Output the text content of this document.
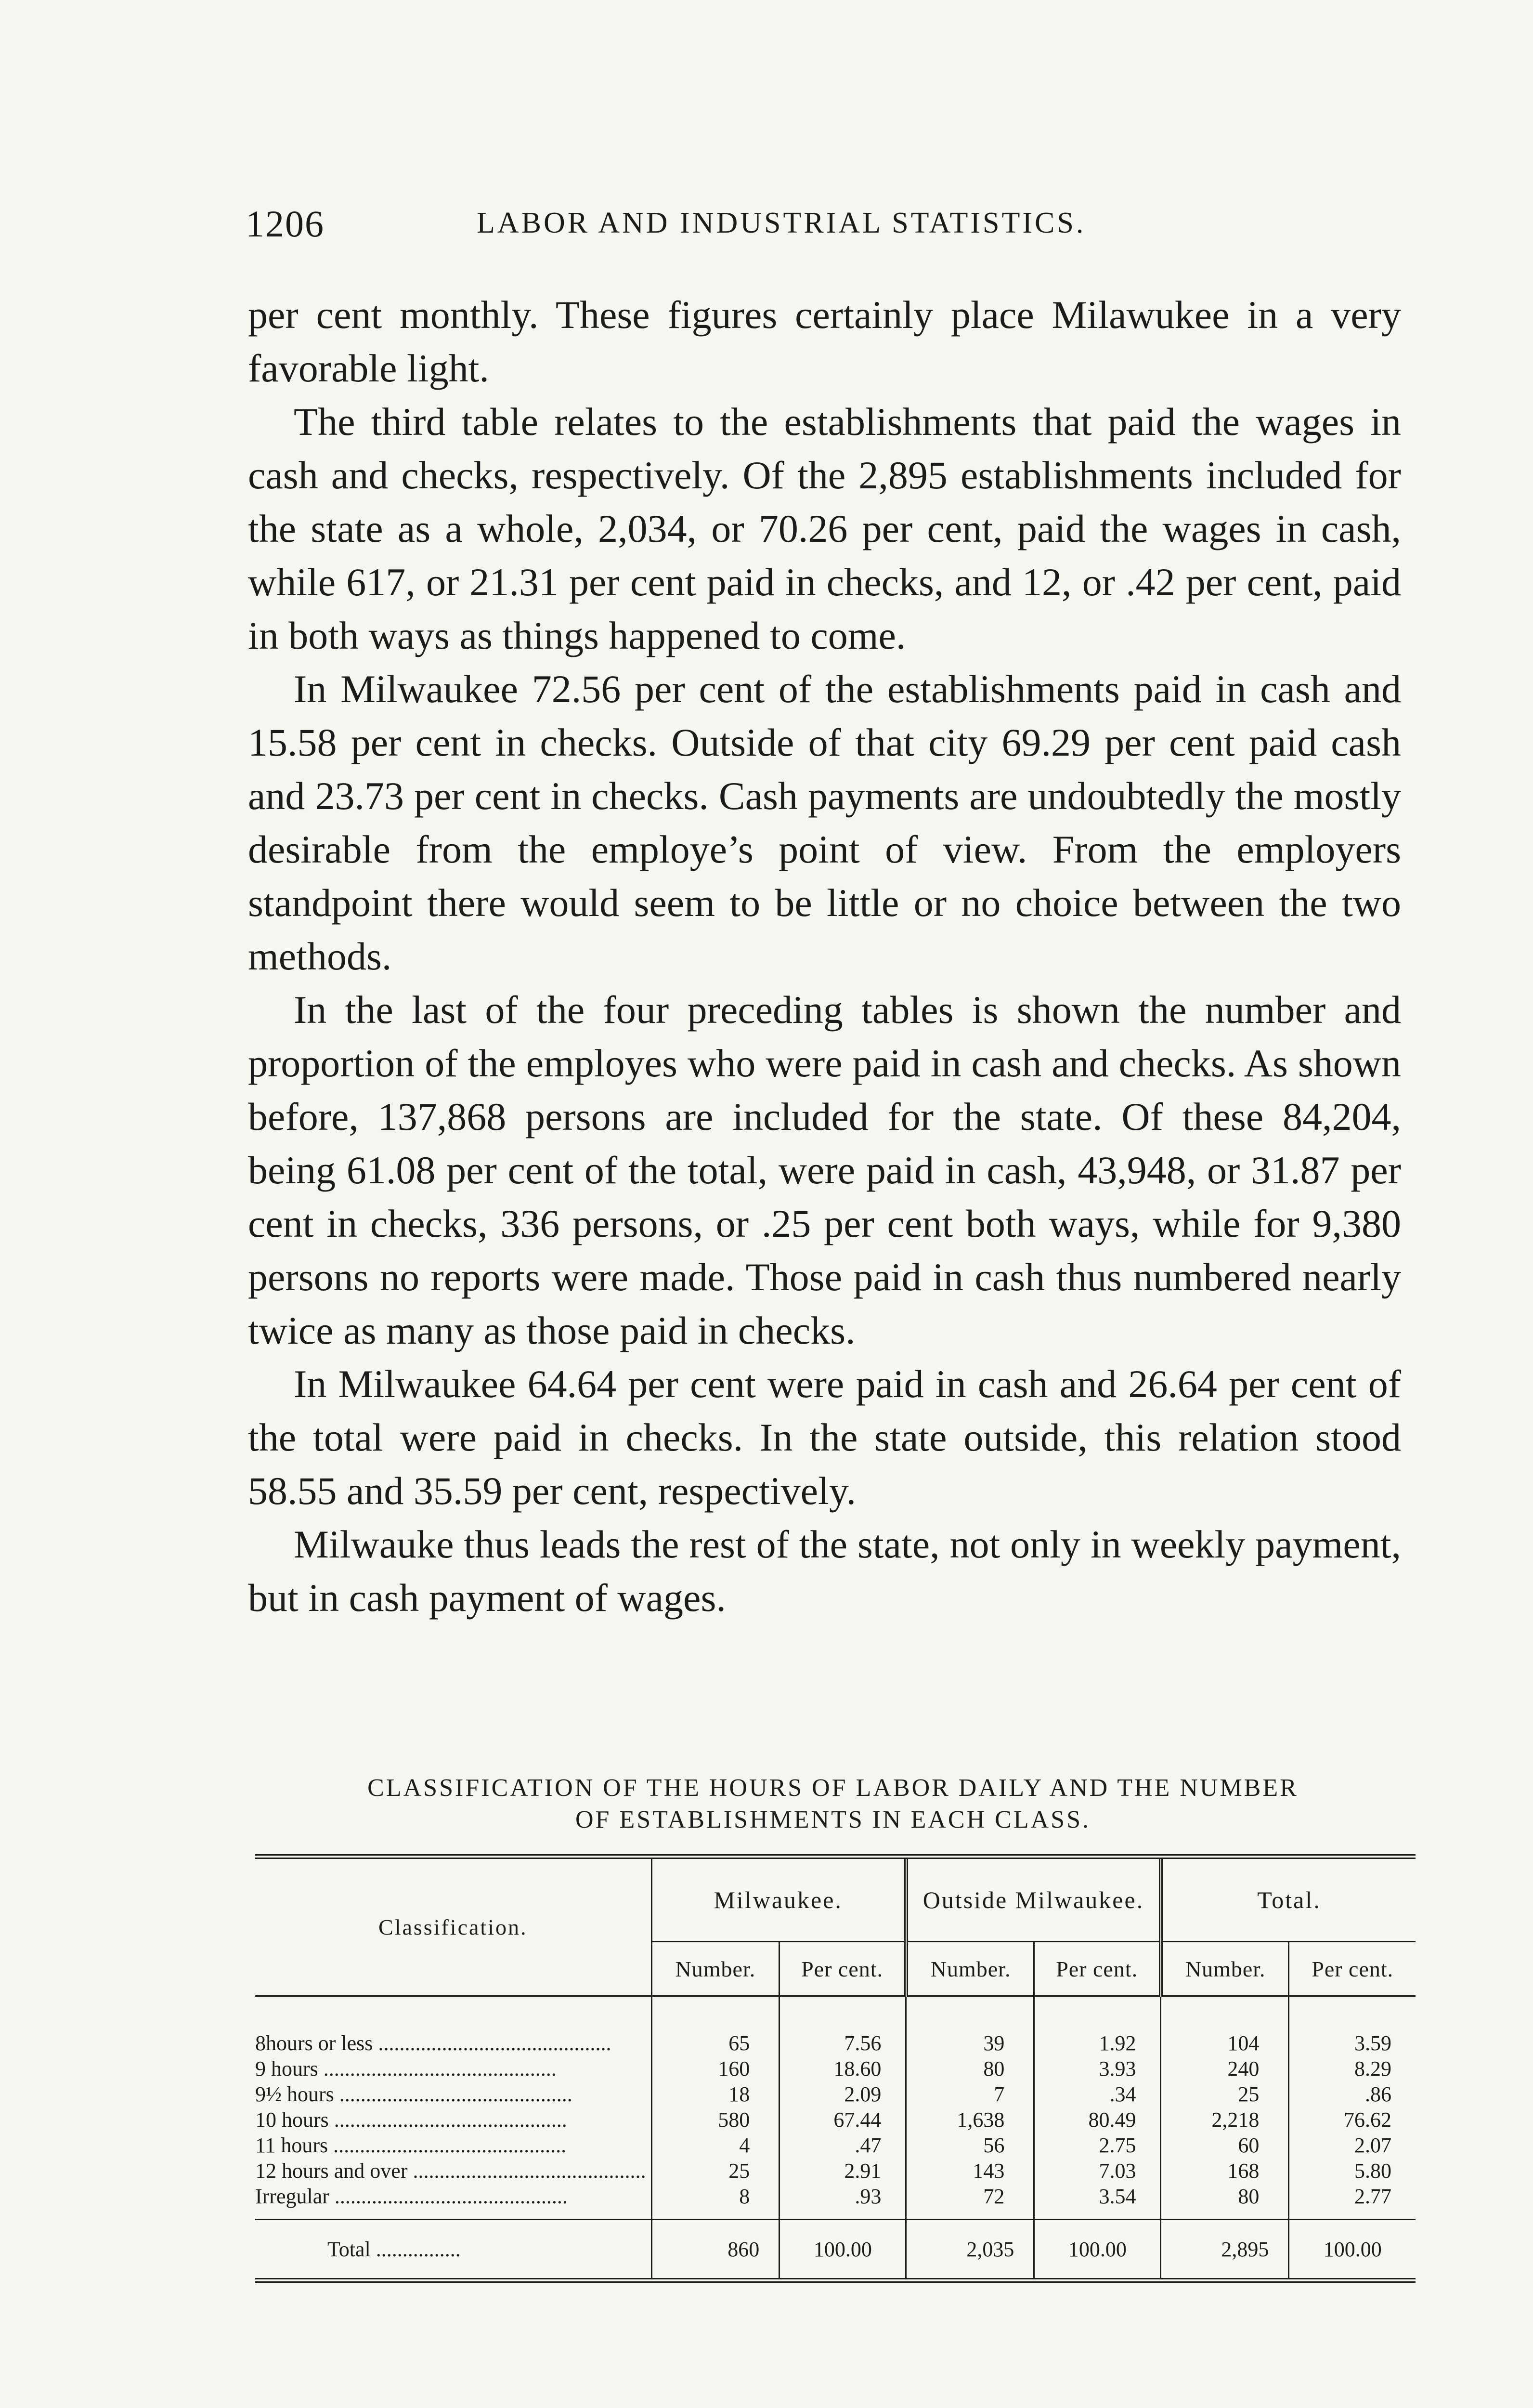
1206	LABOR AND INDUSTRIAL STATISTICS.

per cent monthly. These figures certainly place Milawukee in a very favorable light.

The third table relates to the establishments that paid the wages in cash and checks, respectively. Of the 2,895 establishments included for the state as a whole, 2,034, or 70.26 per cent, paid the wages in cash, while 617, or 21.31 per cent paid in checks, and 12, or .42 per cent, paid in both ways as things happened to come.

In Milwaukee 72.56 per cent of the establishments paid in cash and 15.58 per cent in checks. Outside of that city 69.29 per cent paid cash and 23.73 per cent in checks. Cash payments are undoubtedly the mostly desirable from the employe’s point of view. From the employers standpoint there would seem to be little or no choice between the two methods.

In the last of the four preceding tables is shown the number and proportion of the employes who were paid in cash and checks. As shown before, 137,868 persons are included for the state. Of these 84,204, being 61.08 per cent of the total, were paid in cash, 43,948, or 31.87 per cent in checks, 336 persons, or .25 per cent both ways, while for 9,380 persons no reports were made. Those paid in cash thus numbered nearly twice as many as those paid in checks.

In Milwaukee 64.64 per cent were paid in cash and 26.64 per cent of the total were paid in checks. In the state outside, this relation stood 58.55 and 35.59 per cent, respectively.

Milwauke thus leads the rest of the state, not only in weekly payment, but in cash payment of wages.

CLASSIFICATION OF THE HOURS OF LABOR DAILY AND THE NUMBER
OF ESTABLISHMENTS IN EACH CLASS.
Classification.	Milwaukee.		Outside Milwaukee.		Total.	
	Number.	Per cent.	Number.	Per cent.	Number.	Per cent.

8hours or less .....	65	7.56	39	1.92	104	3.59
9 hours .....	160	18.60	80	3.93	240	8.29
9½ hours .....	18	2.09	7	.34	25	.86
10 hours .....	580	67.44	1,638	80.49	2,218	76.62
11 hours .....	4	.47	56	2.75	60	2.07
12 hours and over .....	25	2.91	143	7.03	168	5.80
Irregular .....	8	.93	72	3.54	80	2.77
Total .....	860	100.00	2,035	100.00	2,895	100.00
